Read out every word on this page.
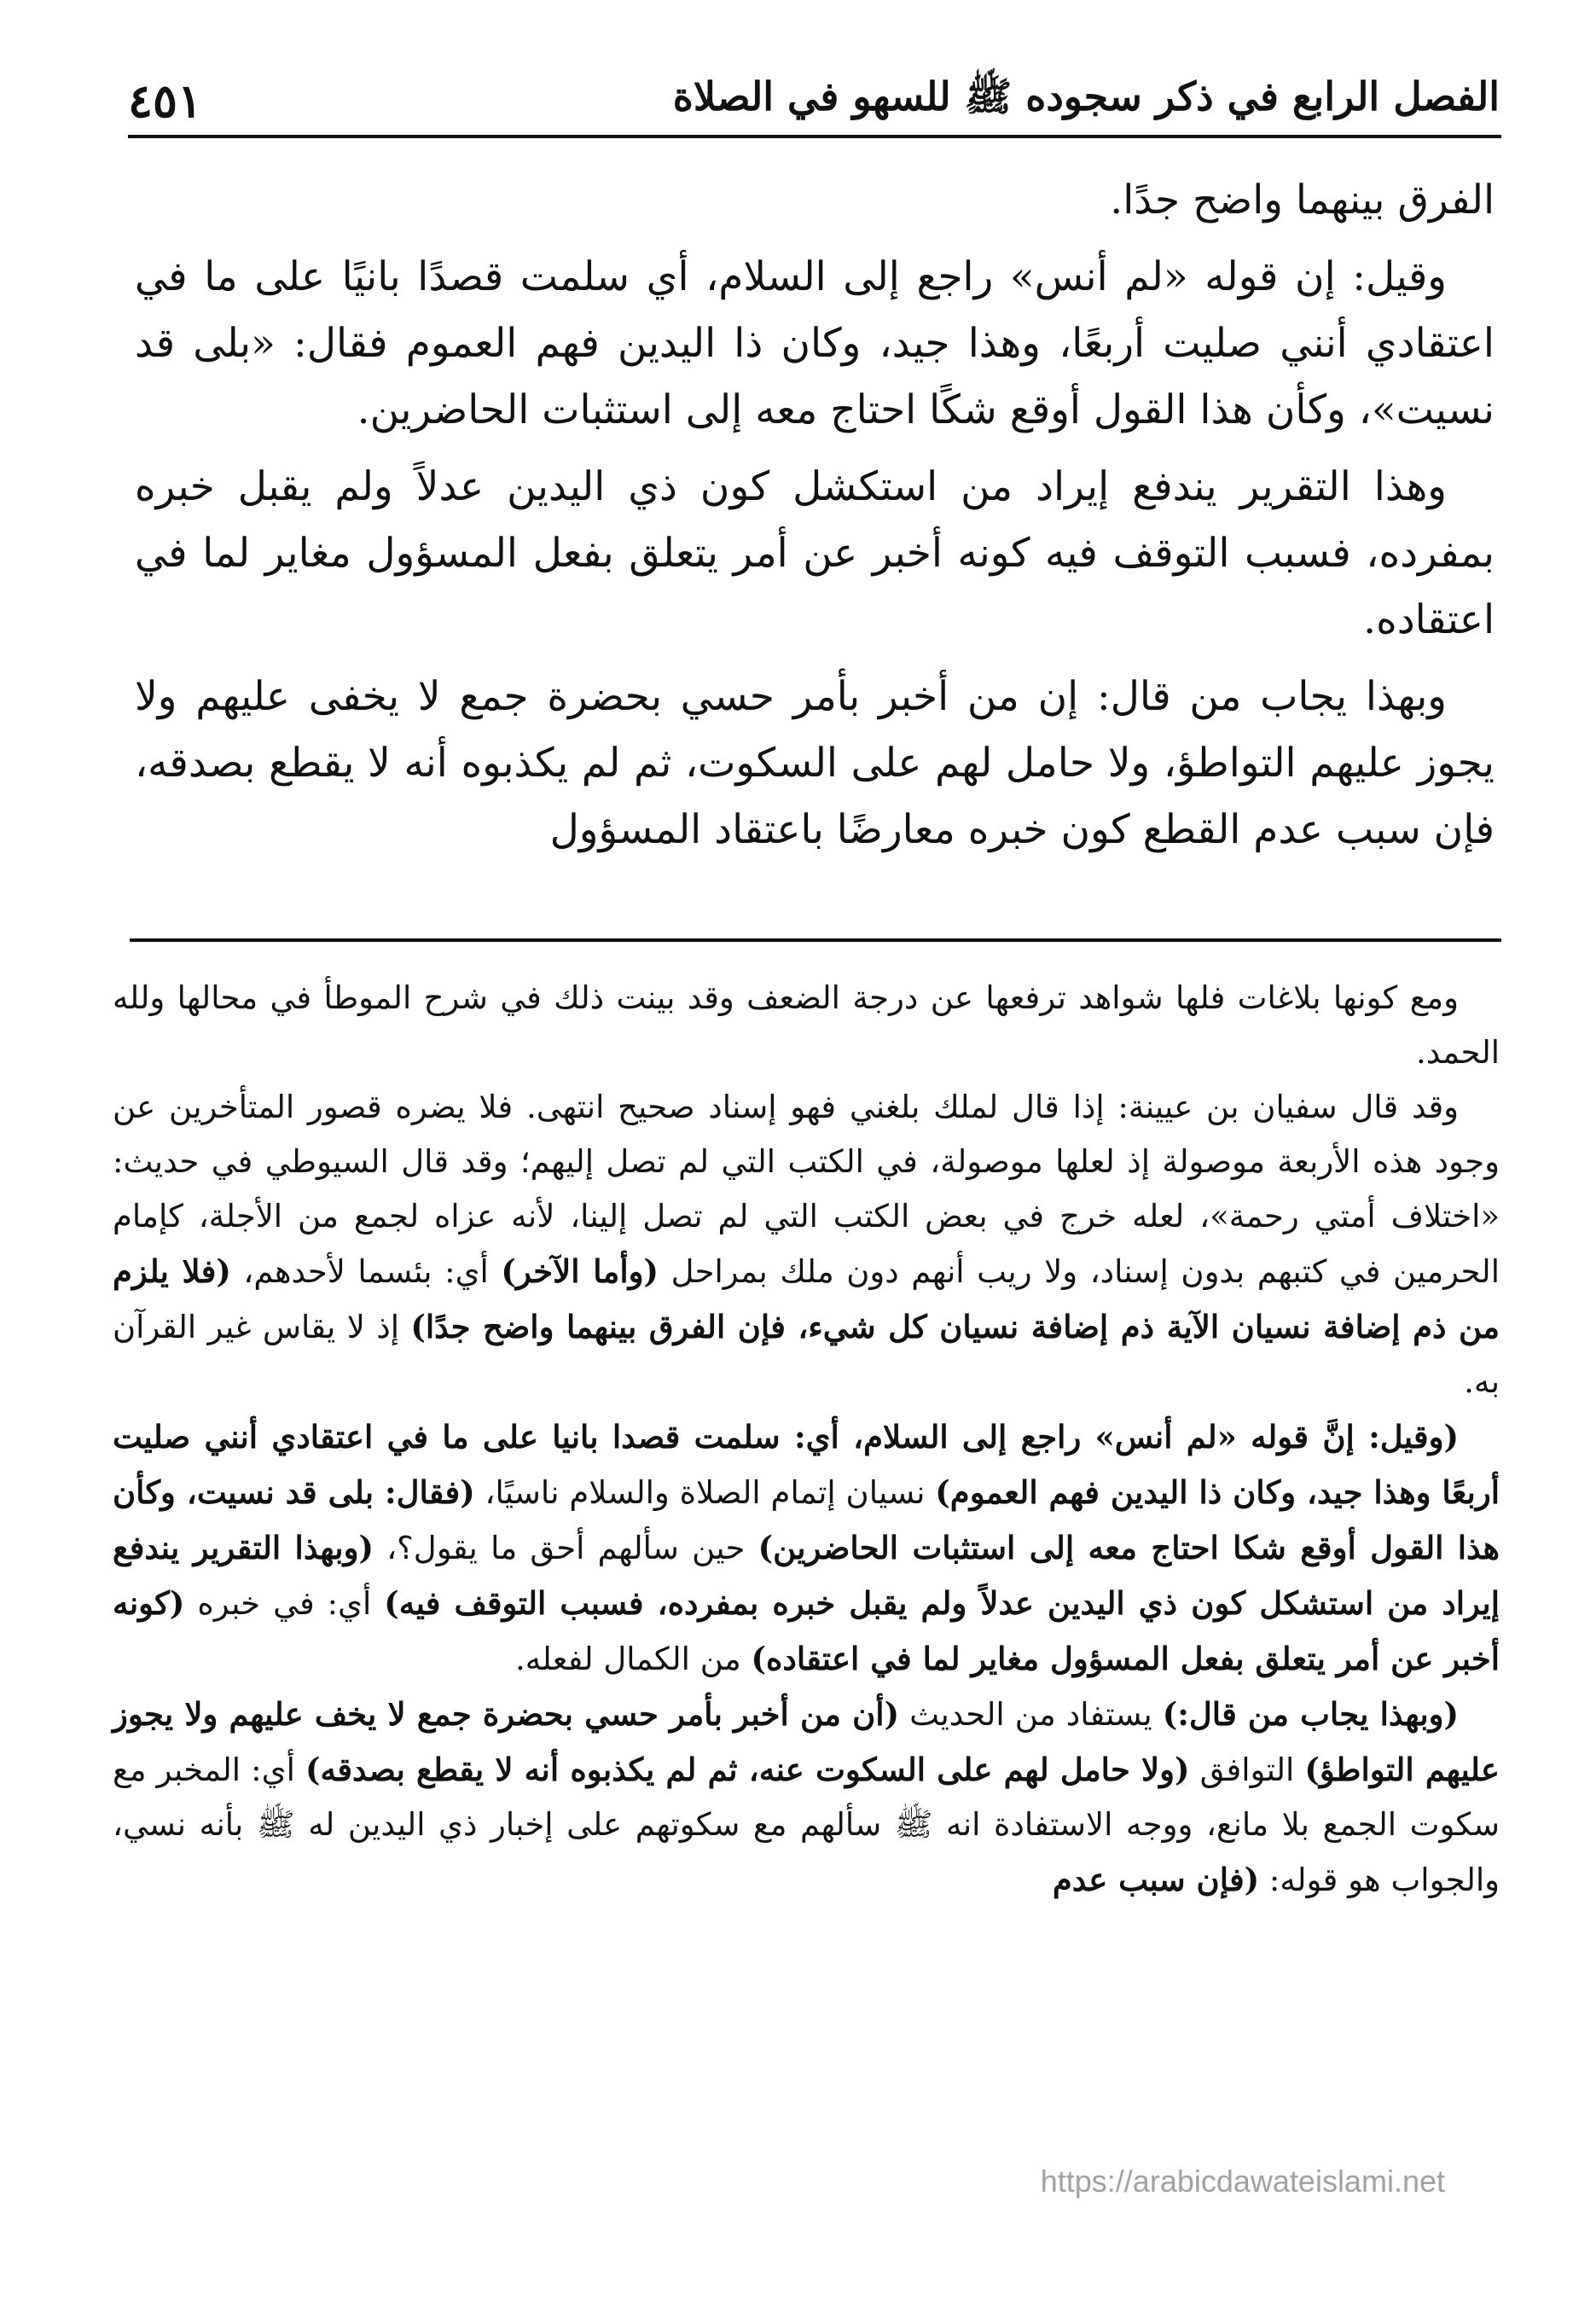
الفصل الرابع في ذكر سجوده ﷺ للسهو في الصلاة
٤٥١

الفرق بينهما واضح جدًا.

وقيل: إن قوله «لم أنس» راجع إلى السلام، أي سلمت قصدًا بانيًا على ما في اعتقادي أنني صليت أربعًا، وهذا جيد، وكان ذا اليدين فهم العموم فقال: «بلى قد نسيت»، وكأن هذا القول أوقع شكًا احتاج معه إلى استثبات الحاضرين.

وهذا التقرير يندفع إيراد من استكشل كون ذي اليدين عدلاً ولم يقبل خبره بمفرده، فسبب التوقف فيه كونه أخبر عن أمر يتعلق بفعل المسؤول مغاير لما في اعتقاده.

وبهذا يجاب من قال: إن من أخبر بأمر حسي بحضرة جمع لا يخفى عليهم ولا يجوز عليهم التواطؤ، ولا حامل لهم على السكوت، ثم لم يكذبوه أنه لا يقطع بصدقه، فإن سبب عدم القطع كون خبره معارضًا باعتقاد المسؤول

ومع كونها بلاغات فلها شواهد ترفعها عن درجة الضعف وقد بينت ذلك في شرح الموطأ في محالها ولله الحمد.

وقد قال سفيان بن عيينة: إذا قال لملك بلغني فهو إسناد صحيح انتهى. فلا يضره قصور المتأخرين عن وجود هذه الأربعة موصولة إذ لعلها موصولة، في الكتب التي لم تصل إليهم؛ وقد قال السيوطي في حديث: «اختلاف أمتي رحمة»، لعله خرج في بعض الكتب التي لم تصل إلينا، لأنه عزاه لجمع من الأجلة، كإمام الحرمين في كتبهم بدون إسناد، ولا ريب أنهم دون ملك بمراحل (وأما الآخر) أي: بئسما لأحدهم، (فلا يلزم من ذم إضافة نسيان الآية ذم إضافة نسيان كل شيء، فإن الفرق بينهما واضح جدًا) إذ لا يقاس غير القرآن به.

(وقيل: إنَّ قوله «لم أنس» راجع إلى السلام، أي: سلمت قصدا بانيا على ما في اعتقادي أنني صليت أربعًا وهذا جيد، وكان ذا اليدين فهم العموم) نسيان إتمام الصلاة والسلام ناسيًا، (فقال: بلى قد نسيت، وكأن هذا القول أوقع شكا احتاج معه إلى استثبات الحاضرين) حين سألهم أحق ما يقول؟، (وبهذا التقرير يندفع إيراد من استشكل كون ذي اليدين عدلاً ولم يقبل خبره بمفرده، فسبب التوقف فيه) أي: في خبره (كونه أخبر عن أمر يتعلق بفعل المسؤول مغاير لما في اعتقاده) من الكمال لفعله.

(وبهذا يجاب من قال:) يستفاد من الحديث (أن من أخبر بأمر حسي بحضرة جمع لا يخف عليهم ولا يجوز عليهم التواطؤ) التوافق (ولا حامل لهم على السكوت عنه، ثم لم يكذبوه أنه لا يقطع بصدقه) أي: المخبر مع سكوت الجمع بلا مانع، ووجه الاستفادة انه ﷺ سألهم مع سكوتهم على إخبار ذي اليدين له ﷺ بأنه نسي، والجواب هو قوله: (فإن سبب عدم

https://arabicdawateislami.net
